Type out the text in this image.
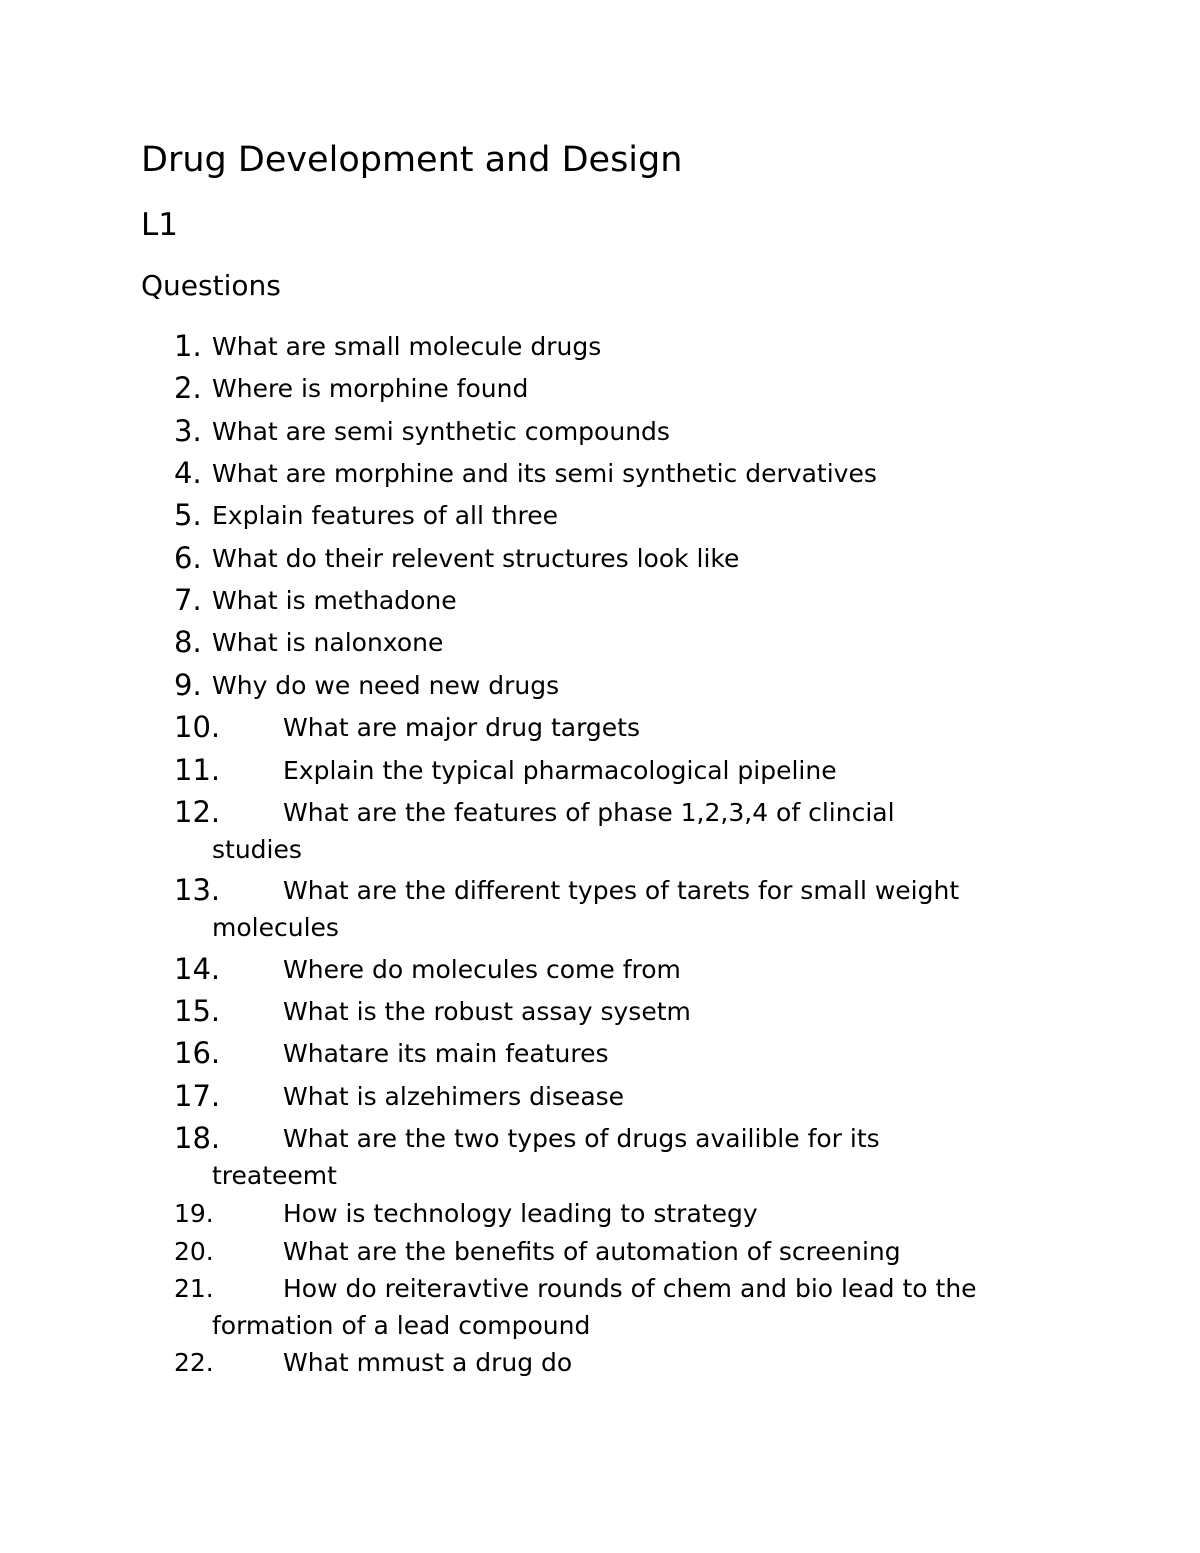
Drug Development and Design
L1
Questions
1. What are small molecule drugs
2. Where is morphine found
3. What are semi synthetic compounds
4. What are morphine and its semi synthetic dervatives
5. Explain features of all three
6. What do their relevent structures look like
7. What is methadone
8. What is nalonxone
9. Why do we need new drugs
10.	What are major drug targets
11.	Explain the typical pharmacological pipeline
12.	What are the features of phase 1,2,3,4 of clincial
studies
13.	What are the different types of tarets for small weight
molecules
14.	Where do molecules come from
15.	What is the robust assay sysetm
16.	Whatare its main features
17.	What is alzehimers disease
18.	What are the two types of drugs availible for its
treateemt
19.	How is technology leading to strategy
20.	What are the benefits of automation of screening
21.	How do reiteravtive rounds of chem and bio lead to the
formation of a lead compound
22.	What mmust a drug do
